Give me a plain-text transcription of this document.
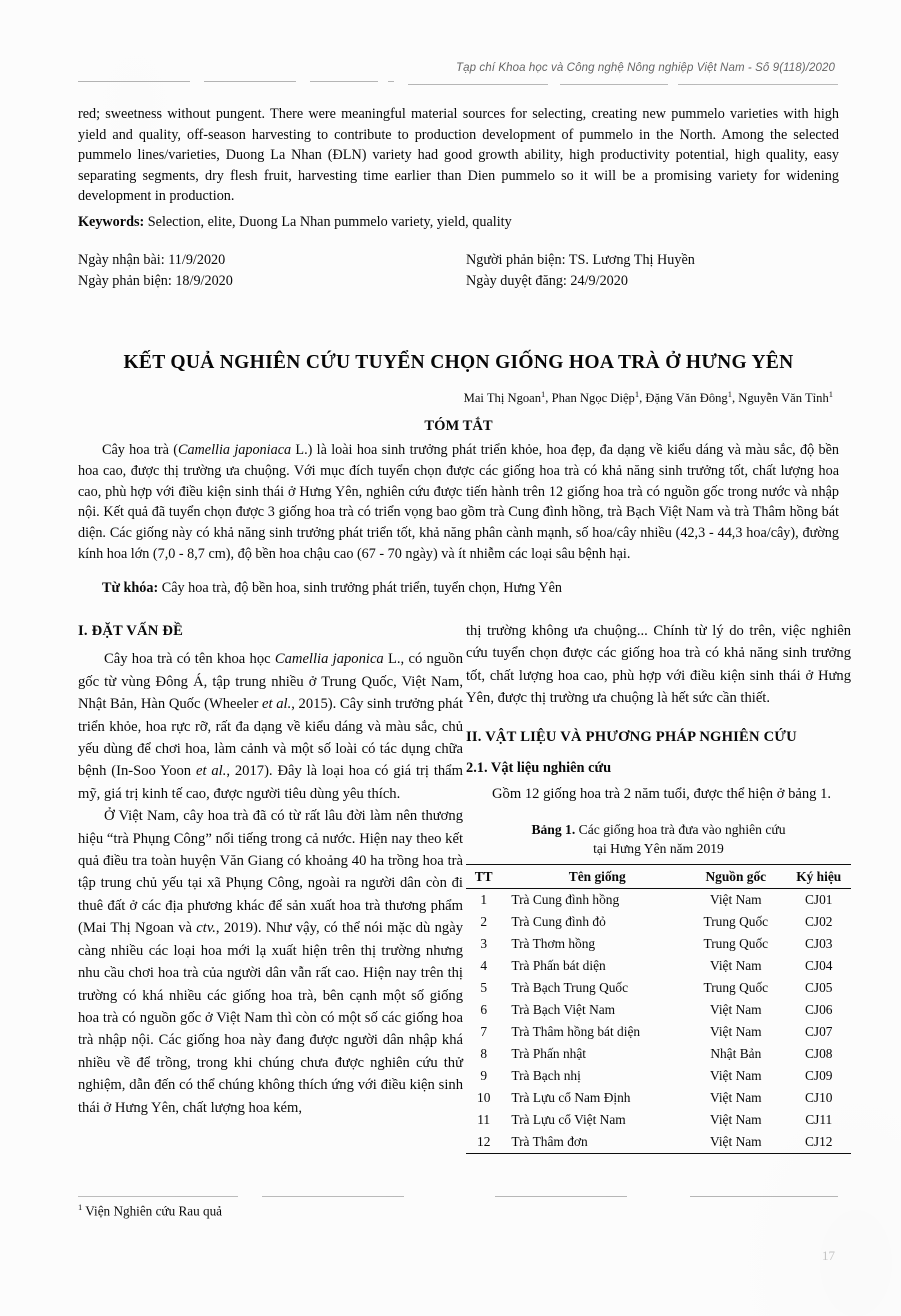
Tạp chí Khoa học và Công nghệ Nông nghiệp Việt Nam - Số 9(118)/2020

red; sweetness without pungent. There were meaningful material sources for selecting, creating new pummelo varieties with high yield and quality, off-season harvesting to contribute to production development of pummelo in the North. Among the selected pummelo lines/varieties, Duong La Nhan (ĐLN) variety had good growth ability, high productivity potential, high quality, easy separating segments, dry flesh fruit, harvesting time earlier than Dien pummelo so it will be a promising variety for widening development in production.

Keywords: Selection, elite, Duong La Nhan pummelo variety, yield, quality

Ngày nhận bài: 11/9/2020

Ngày phản biện: 18/9/2020

Người phản biện: TS. Lương Thị Huyền

Ngày duyệt đăng: 24/9/2020

KẾT QUẢ NGHIÊN CỨU TUYỂN CHỌN GIỐNG HOA TRÀ Ở HƯNG YÊN
Mai Thị Ngoan$^1$, Phan Ngọc Diệp$^1$, Đặng Văn Đông$^1$, Nguyễn Văn Tỉnh$^1$
TÓM TẮT

Cây hoa trà (Camellia japoniaca L.) là loài hoa sinh trưởng phát triển khỏe, hoa đẹp, đa dạng về kiểu dáng và màu sắc, độ bền hoa cao, được thị trường ưa chuộng. Với mục đích tuyển chọn được các giống hoa trà có khả năng sinh trưởng tốt, chất lượng hoa cao, phù hợp với điều kiện sinh thái ở Hưng Yên, nghiên cứu được tiến hành trên 12 giống hoa trà có nguồn gốc trong nước và nhập nội. Kết quả đã tuyển chọn được 3 giống hoa trà có triển vọng bao gồm trà Cung đình hồng, trà Bạch Việt Nam và trà Thâm hồng bát diện. Các giống này có khả năng sinh trưởng phát triển tốt, khả năng phân cành mạnh, số hoa/cây nhiều (42,3 - 44,3 hoa/cây), đường kính hoa lớn (7,0 - 8,7 cm), độ bền hoa chậu cao (67 - 70 ngày) và ít nhiễm các loại sâu bệnh hại.

Từ khóa: Cây hoa trà, độ bền hoa, sinh trưởng phát triển, tuyển chọn, Hưng Yên

I. ĐẶT VẤN ĐỀ

Cây hoa trà có tên khoa học Camellia japonica L., có nguồn gốc từ vùng Đông Á, tập trung nhiều ở Trung Quốc, Việt Nam, Nhật Bản, Hàn Quốc (Wheeler et al., 2015). Cây sinh trưởng phát triển khỏe, hoa rực rỡ, rất đa dạng về kiểu dáng và màu sắc, chủ yếu dùng để chơi hoa, làm cảnh và một số loài có tác dụng chữa bệnh (In-Soo Yoon et al., 2017). Đây là loại hoa có giá trị thẩm mỹ, giá trị kinh tế cao, được người tiêu dùng yêu thích.

Ở Việt Nam, cây hoa trà đã có từ rất lâu đời làm nên thương hiệu “trà Phụng Công” nổi tiếng trong cả nước. Hiện nay theo kết quả điều tra toàn huyện Văn Giang có khoảng 40 ha trồng hoa trà tập trung chủ yếu tại xã Phụng Công, ngoài ra người dân còn đi thuê đất ở các địa phương khác để sản xuất hoa trà thương phẩm (Mai Thị Ngoan và ctv., 2019). Như vậy, có thể nói mặc dù ngày càng nhiều các loại hoa mới lạ xuất hiện trên thị trường nhưng nhu cầu chơi hoa trà của người dân vẫn rất cao. Hiện nay trên thị trường có khá nhiều các giống hoa trà, bên cạnh một số giống hoa trà có nguồn gốc ở Việt Nam thì còn có một số các giống hoa trà nhập nội. Các giống hoa này đang được người dân nhập khá nhiều về để trồng, trong khi chúng chưa được nghiên cứu thử nghiệm, dẫn đến có thể chúng không thích ứng với điều kiện sinh thái ở Hưng Yên, chất lượng hoa kém,

thị trường không ưa chuộng... Chính từ lý do trên, việc nghiên cứu tuyển chọn được các giống hoa trà có khả năng sinh trưởng tốt, chất lượng hoa cao, phù hợp với điều kiện sinh thái ở Hưng Yên, được thị trường ưa chuộng là hết sức cần thiết.

II. VẬT LIỆU VÀ PHƯƠNG PHÁP NGHIÊN CỨU

2.1. Vật liệu nghiên cứu

Gồm 12 giống hoa trà 2 năm tuổi, được thể hiện ở bảng 1.

Bảng 1. Các giống hoa trà đưa vào nghiên cứu
tại Hưng Yên năm 2019

TT	Tên giống	Nguồn gốc	Ký hiệu
1	Trà Cung đình hồng	Việt Nam	CJ01
2	Trà Cung đình đỏ	Trung Quốc	CJ02
3	Trà Thơm hồng	Trung Quốc	CJ03
4	Trà Phấn bát diện	Việt Nam	CJ04
5	Trà Bạch Trung Quốc	Trung Quốc	CJ05
6	Trà Bạch Việt Nam	Việt Nam	CJ06
7	Trà Thâm hồng bát diện	Việt Nam	CJ07
8	Trà Phấn nhật	Nhật Bản	CJ08
9	Trà Bạch nhị	Việt Nam	CJ09
10	Trà Lựu cổ Nam Định	Việt Nam	CJ10
11	Trà Lựu cổ Việt Nam	Việt Nam	CJ11
12	Trà Thâm đơn	Việt Nam	CJ12
$^1$ Viện Nghiên cứu Rau quả
17
